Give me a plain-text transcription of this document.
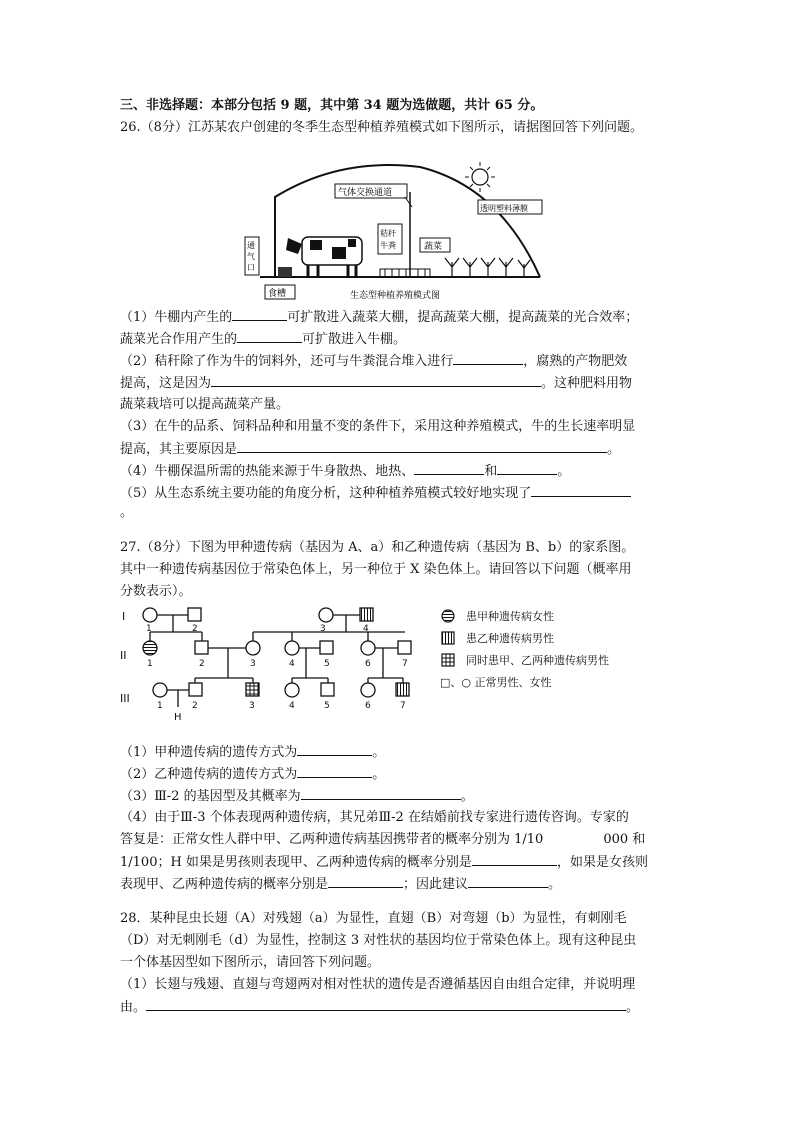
三、非选择题：本部分包括 9 题，其中第 34 题为选做题，共计 65 分。
26.（8分）江苏某农户创建的冬季生态型种植养殖模式如下图所示，请据图回答下列问题。
气体交换通道
透明塑料薄膜
通
气
口
食槽
秸秆
牛粪	蔬菜
生态型种植养殖模式图
（1）牛棚内产生的	可扩散进入蔬菜大棚，提高蔬菜大棚，提高蔬菜的光合效率；
蔬菜光合作用产生的	可扩散进入牛棚。
（2）秸秆除了作为牛的饲料外，还可与牛粪混合堆入进行	，腐熟的产物肥效
提高，这是因为	。这种肥料用物
蔬菜栽培可以提高蔬菜产量。
（3）在牛的品系、饲料品种和用量不变的条件下，采用这种养殖模式，牛的生长速率明显
提高，其主要原因是	。
（4）牛棚保温所需的热能来源于牛身散热、地热、	和	。
（5）从生态系统主要功能的角度分析，这种种植养殖模式较好地实现了
。
27.（8分）下图为甲种遗传病（基因为 A、a）和乙种遗传病（基因为 B、b）的家系图。
其中一种遗传病基因位于常染色体上，另一种位于 X 染色体上。请回答以下问题（概率用
分数表示）。
I
II
III
1	2	3	4
1	2	3	4	5	6	7
1	2	3	4	5	6	7
H
患甲种遗传病女性
患乙种遗传病男性
同时患甲、乙两种遗传病男性
□、○ 正常男性、女性
（1）甲种遗传病的遗传方式为	。
（2）乙种遗传病的遗传方式为	。
（3）Ⅲ-2 的基因型及其概率为	。
（4）由于Ⅲ-3 个体表现两种遗传病，其兄弟Ⅲ-2 在结婚前找专家进行遗传咨询。专家的
答复是：正常女性人群中甲、乙两种遗传病基因携带者的概率分别为 1/10	000 和
1/100；H 如果是男孩则表现甲、乙两种遗传病的概率分别是	，如果是女孩则
表现甲、乙两种遗传病的概率分别是	；因此建议	。
28．某种昆虫长翅（A）对残翅（a）为显性，直翅（B）对弯翅（b）为显性，有刺刚毛
（D）对无刺刚毛（d）为显性，控制这 3 对性状的基因均位于常染色体上。现有这种昆虫
一个体基因型如下图所示，请回答下列问题。
（1）长翅与残翅、直翅与弯翅两对相对性状的遗传是否遵循基因自由组合定律，并说明理
由。	。
